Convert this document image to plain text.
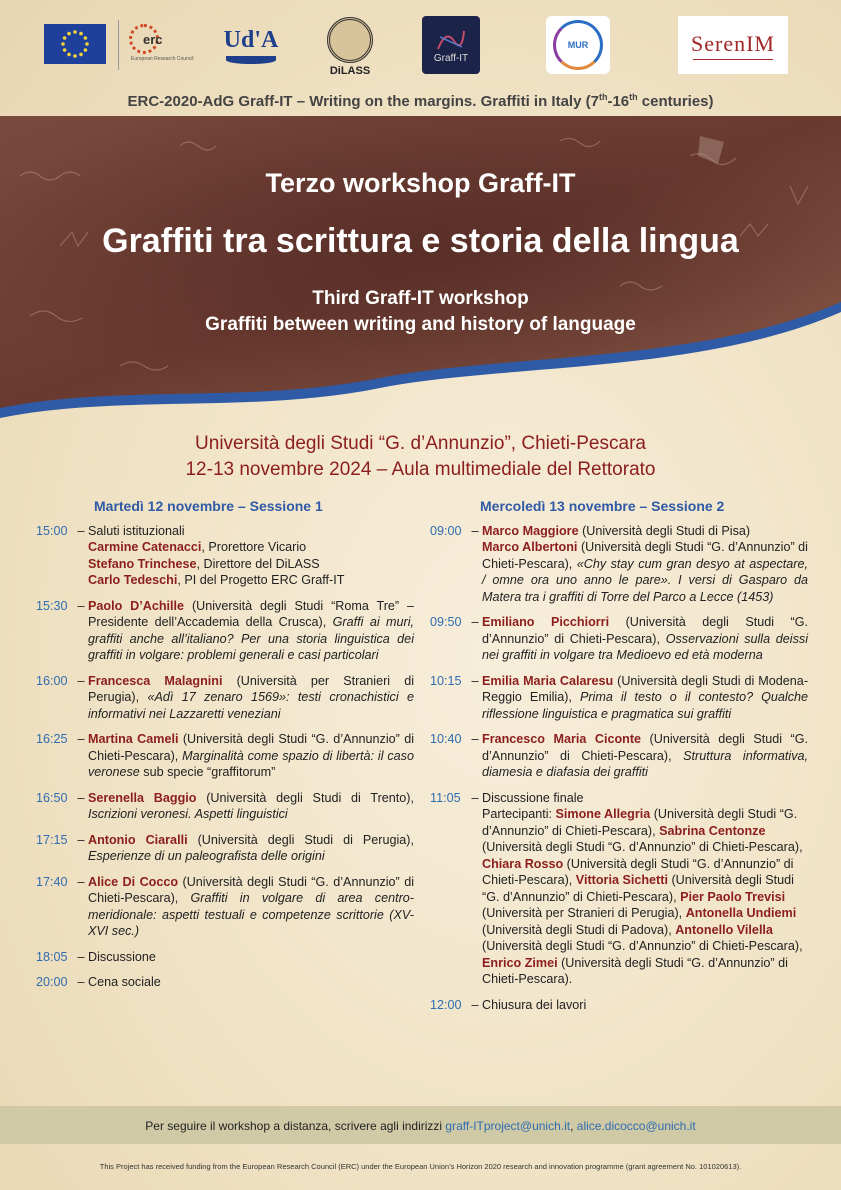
erc
European Research Council
Ud'A
DiLASS
Graff-IT
MUR	SerenIM
ERC-2020-AdG Graff-IT – Writing on the margins. Graffiti in Italy (7th-16th centuries)
Terzo workshop Graff-IT
Graffiti tra scrittura e storia della lingua
Third Graff-IT workshop
Graffiti between writing and history of language
Università degli Studi “G. d’Annunzio”, Chieti-Pescara
12-13 novembre 2024 – Aula multimediale del Rettorato
Martedì 12 novembre – Sessione 1
15:00 – Saluti istituzionali
Carmine Catenacci, Prorettore Vicario
Stefano Trinchese, Direttore del DiLASS
Carlo Tedeschi, PI del Progetto ERC Graff-IT
15:30 – Paolo D’Achille (Università degli Studi “Roma Tre” – Presidente dell’Accademia della Crusca), Graffi ai muri, graffiti anche all’italiano? Per una storia linguistica dei graffiti in volgare: problemi generali e casi particolari
16:00 – Francesca Malagnini (Università per Stranieri di Perugia), «Adì 17 zenaro 1569»: testi cronachistici e informativi nei Lazzaretti veneziani
16:25 – Martina Cameli (Università degli Studi “G. d’Annunzio” di Chieti-Pescara), Marginalità come spazio di libertà: il caso veronese sub specie “graffitorum”
16:50 – Serenella Baggio (Università degli Studi di Trento), Iscrizioni veronesi. Aspetti linguistici
17:15 – Antonio Ciaralli (Università degli Studi di Perugia), Esperienze di un paleografista delle origini
17:40 – Alice Di Cocco (Università degli Studi “G. d’Annunzio” di Chieti-Pescara), Graffiti in volgare di area centro-meridionale: aspetti testuali e competenze scrittorie (XV-XVI sec.)
18:05 – Discussione
20:00 – Cena sociale
Mercoledì 13 novembre – Sessione 2
09:00 – Marco Maggiore (Università degli Studi di Pisa)
Marco Albertoni (Università degli Studi “G. d’Annunzio” di Chieti-Pescara), «Chy stay cum gran desyo at aspectare, / omne ora uno anno le pare». I versi di Gasparo da Matera tra i graffiti di Torre del Parco a Lecce (1453)
09:50 – Emiliano Picchiorri (Università degli Studi “G. d’Annunzio” di Chieti-Pescara), Osservazioni sulla deissi nei graffiti in volgare tra Medioevo ed età moderna
10:15 – Emilia Maria Calaresu (Università degli Studi di Modena-Reggio Emilia), Prima il testo o il contesto? Qualche riflessione linguistica e pragmatica sui graffiti
10:40 – Francesco Maria Ciconte (Università degli Studi “G. d’Annunzio” di Chieti-Pescara), Struttura informativa, diamesia e diafasia dei graffiti
11:05 – Discussione finale
Partecipanti: Simone Allegria (Università degli Studi “G. d’Annunzio” di Chieti-Pescara), Sabrina Centonze (Università degli Studi “G. d’Annunzio” di Chieti-Pescara), Chiara Rosso (Università degli Studi “G. d’Annunzio” di Chieti-Pescara), Vittoria Sichetti (Università degli Studi “G. d’Annunzio” di Chieti-Pescara), Pier Paolo Trevisi (Università per Stranieri di Perugia), Antonella Undiemi (Università degli Studi di Padova), Antonello Vilella (Università degli Studi “G. d’Annunzio” di Chieti-Pescara), Enrico Zimei (Università degli Studi “G. d’Annunzio” di Chieti-Pescara).
12:00 – Chiusura dei lavori
Per seguire il workshop a distanza, scrivere agli indirizzi graff-ITproject@unich.it, alice.dicocco@unich.it
This Project has received funding from the European Research Council (ERC) under the European Union’s Horizon 2020 research and innovation programme (grant agreement No. 101020613).
